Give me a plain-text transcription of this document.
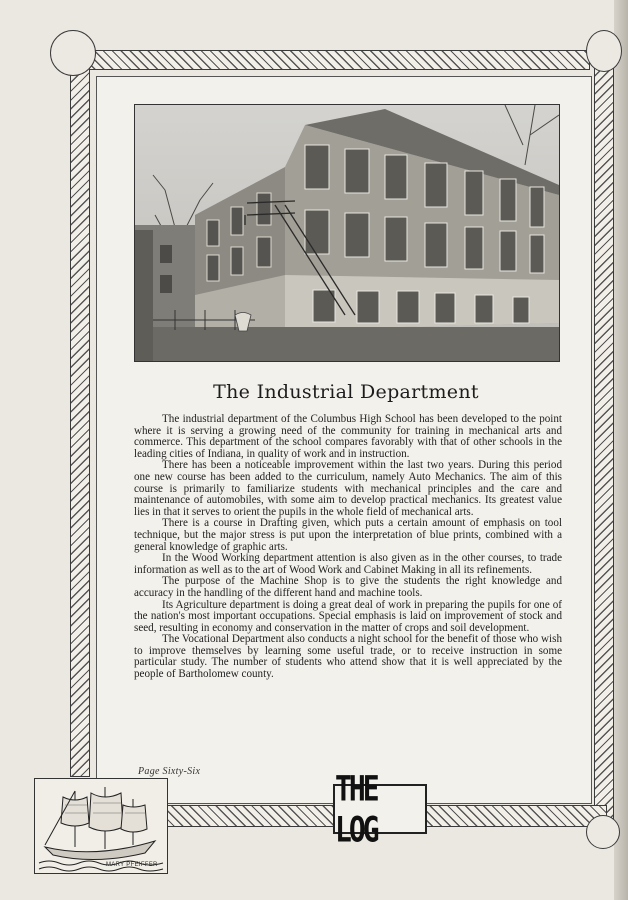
The Industrial Department

The industrial department of the Columbus High School has been developed to the point where it is serving a growing need of the community for training in mechanical arts and commerce. This department of the school compares favorably with that of other schools in the leading cities of Indiana, in quality of work and in instruction.

There has been a noticeable improvement within the last two years. During this period one new course has been added to the curriculum, namely Auto Mechanics. The aim of this course is primarily to familiarize students with mechanical principles and the care and maintenance of automobiles, with some aim to develop practical mechanics. Its greatest value lies in that it serves to orient the pupils in the whole field of mechanical arts.

There is a course in Drafting given, which puts a certain amount of emphasis on tool technique, but the major stress is put upon the interpretation of blue prints, combined with a general knowledge of graphic arts.

In the Wood Working department attention is also given as in the other courses, to trade information as well as to the art of Wood Work and Cabinet Making in all its refinements.

The purpose of the Machine Shop is to give the students the right knowledge and accuracy in the handling of the different hand and machine tools.

Its Agriculture department is doing a great deal of work in preparing the pupils for one of the nation's most important occupations. Special emphasis is laid on improvement of stock and seed, resulting in economy and conservation in the matter of crops and soil development.

The Vocational Department also conducts a night school for the benefit of those who wish to improve themselves by learning some useful trade, or to receive instruction in some particular study. The number of students who attend show that it is well appreciated by the people of Bartholomew county.

Page Sixty-Six
MARY PFEIFFER
THE LOG
